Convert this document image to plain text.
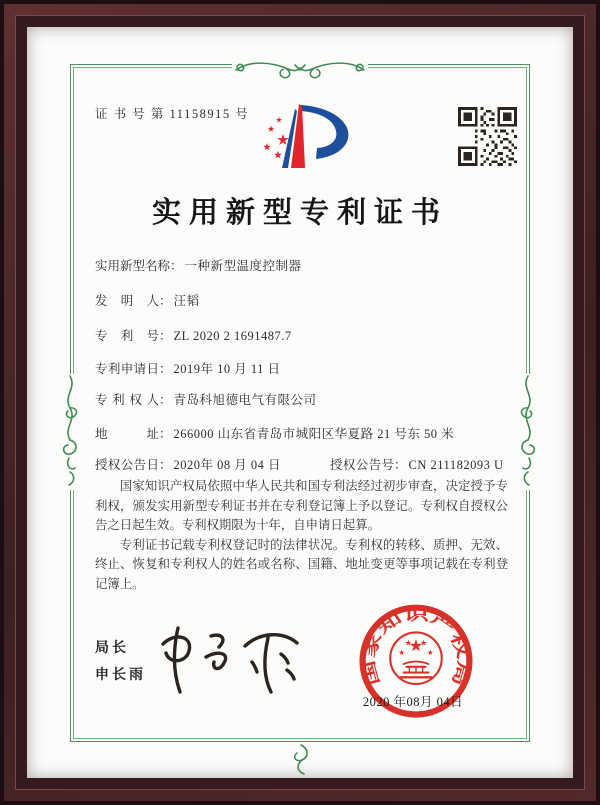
证 书 号 第 11158915 号
实用新型专利证书
实用新型名称： 一种新型温度控制器
发明人： 汪韬
专利号： ZL 2020 2 1691487.7
专利申请日： 2019年 10 月 11 日
专利权人： 青岛科旭德电气有限公司
地址： 266000 山东省青岛市城阳区华夏路 21 号东 50 米
授权公告日： 2020年 08 月 04 日	授权公告号： CN 211182093 U

国家知识产权局依照中华人民共和国专利法经过初步审查，决定授予专利权，颁发实用新型专利证书并在专利登记簿上予以登记。专利权自授权公告之日起生效。专利权期限为十年，自申请日起算。

专利证书记载专利权登记时的法律状况。专利权的转移、质押、无效、终止、恢复和专利权人的姓名或名称、国籍、地址变更等事项记载在专利登记簿上。

局长
申长雨	国家知识产权局
2020 年08月 04日
